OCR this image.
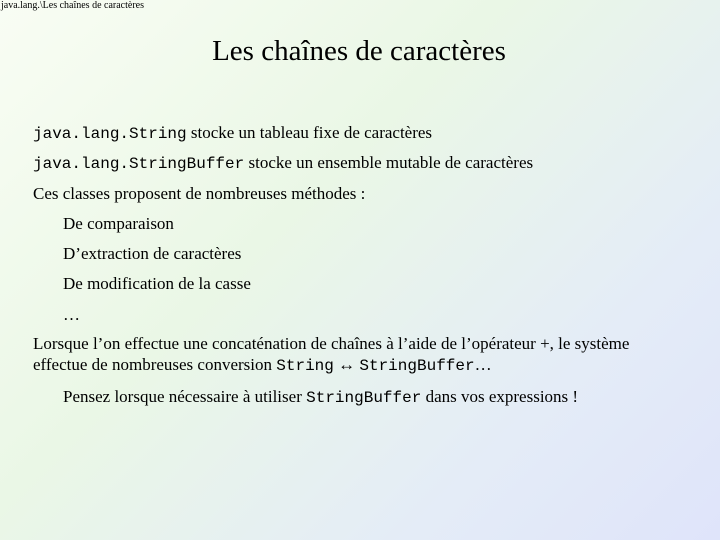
java.lang.\Les chaînes de caractères
Les chaînes de caractères
java.lang.String stocke un tableau fixe de caractères
java.lang.StringBuffer stocke un ensemble mutable de caractères
Ces classes proposent de nombreuses méthodes :
De comparaison
D’extraction de caractères
De modification de la casse
…
Lorsque l’on effectue une concaténation de chaînes à l’aide de l’opérateur +, le système
effectue de nombreuses conversion String ↔ StringBuffer…
Pensez lorsque nécessaire à utiliser StringBuffer dans vos expressions !
